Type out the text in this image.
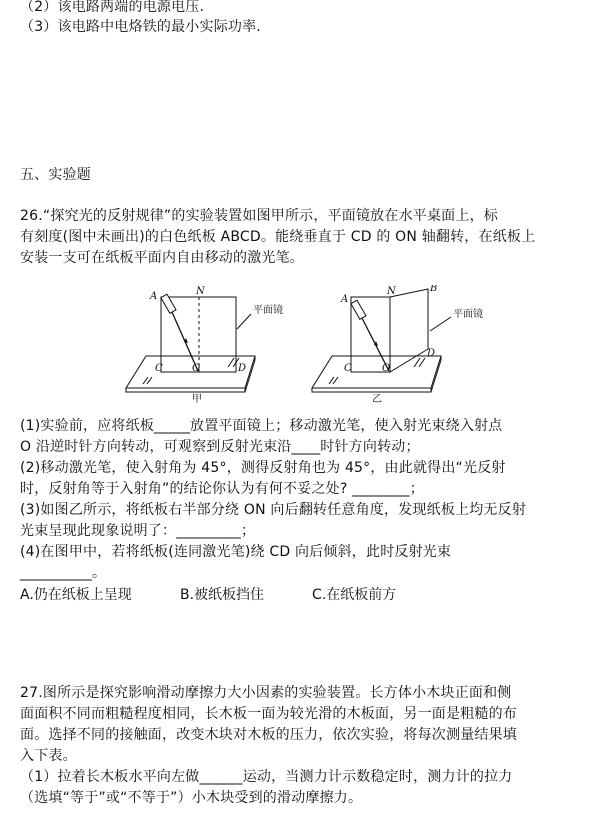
（2）该电路两端的电源电压.
（3）该电路中电烙铁的最小实际功率.
五、实验题
26.“探究光的反射规律”的实验装置如图甲所示，平面镜放在水平桌面上，标
有刻度(图中未画出)的白色纸板 ABCD。能绕垂直于 CD 的 ON 轴翻转，在纸板上
安装一支可在纸板平面内自由移动的激光笔。
A	N
C	O	D
平面镜
甲
A
N	B
C	O
D
平面镜
乙
(1)实验前，应将纸板_____放置平面镜上；移动激光笔，使入射光束绕入射点
O 沿逆时针方向转动，可观察到反射光束沿____时针方向转动；
(2)移动激光笔，使入射角为 45°，测得反射角也为 45°，由此就得出“光反射
时，反射角等于入射角”的结论你认为有何不妥之处? ________；
(3)如图乙所示，将纸板右半部分绕 ON 向后翻转任意角度，发现纸板上均无反射
光束呈现此现象说明了：_________；
(4)在图甲中，若将纸板(连同激光笔)绕 CD 向后倾斜，此时反射光束
__________。
A.仍在纸板上呈现	B.被纸板挡住	C.在纸板前方
27.图所示是探究影响滑动摩擦力大小因素的实验装置。长方体小木块正面和侧
面面积不同而粗糙程度相同，长木板一面为较光滑的木板面，另一面是粗糙的布
面。选择不同的接触面，改变木块对木板的压力，依次实验，将每次测量结果填
入下表。
（1）拉着长木板水平向左做______运动，当测力计示数稳定时，测力计的拉力
（选填“等于”或“不等于”）小木块受到的滑动摩擦力。
